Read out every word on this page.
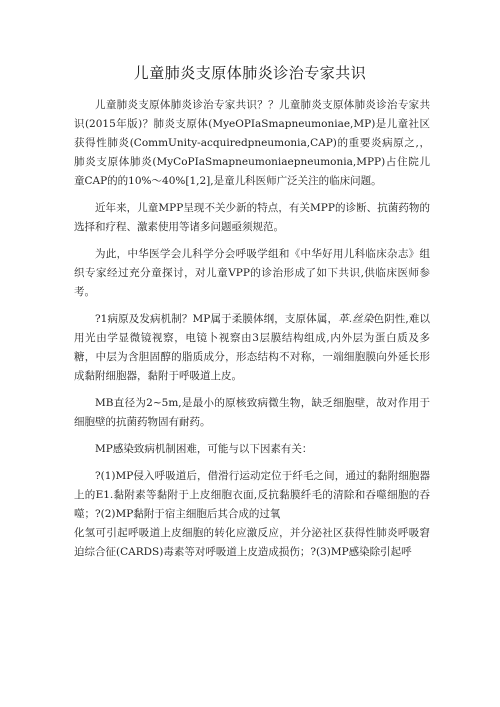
儿童肺炎支原体肺炎诊治专家共识

儿童肺炎支原体肺炎诊治专家共识？？儿童肺炎支原体肺炎诊治专家共识(2015年版)？肺炎支原体(MyeOPIaSmapneumoniae,MP)是儿童社区获得性肺炎(CommUnity-acquiredpneumonia,CAP)的重要炎病原之,，肺炎支原体肺炎(MyCoPIaSmapneumoniaepneumonia,MPP)占住院儿童CAP的的10%～40%[1,2],是童儿科医师广泛关注的临床问题。

近年来，儿童MPP呈现不关少新的特点，有关MPP的诊断、抗菌药物的选择和疗程、激素使用等诸多问题亟须规范。

为此，中华医学会儿科学分会呼吸学组和《中华好用儿科临床杂志》组织专家经过充分童探讨，对儿童VPP的诊治形成了如下共识,供临床医师参考。

?1病原及发病机制？MP属于柔膜体纲，支原体属，革.丝染色阴性,难以用光由学显微镜视察，电镜卜视察由3层膜结构组成,内外层为蛋白质及多糖，中层为含胆固醇的脂质成分，形态结构不对称，一端细胞膜向外延长形成黏附细胞器，黏附于呼吸道上皮。

MB直径为2~5m,是最小的原核致病微生物，缺乏细胞壁，故对作用于细胞壁的抗菌药物固有耐药。

MP感染致病机制困难，可能与以下因素有关：

?(1)MP侵入呼吸道后，借滑行运动定位于纤毛之间，通过的黏附细胞器上的E1.黏附素等黏附于上皮细胞衣面,反抗黏膜纤毛的清除和吞噬细胞的吞噬；?(2)MP黏附于宿主细胞后其合成的过氧

化氢可引起呼吸道上皮细胞的转化应激反应，并分泌社区获得性肺炎呼吸窘迫综合征(CARDS)毒素等对呼吸道上皮造成损伤；?(3)MP感染除引起呼
